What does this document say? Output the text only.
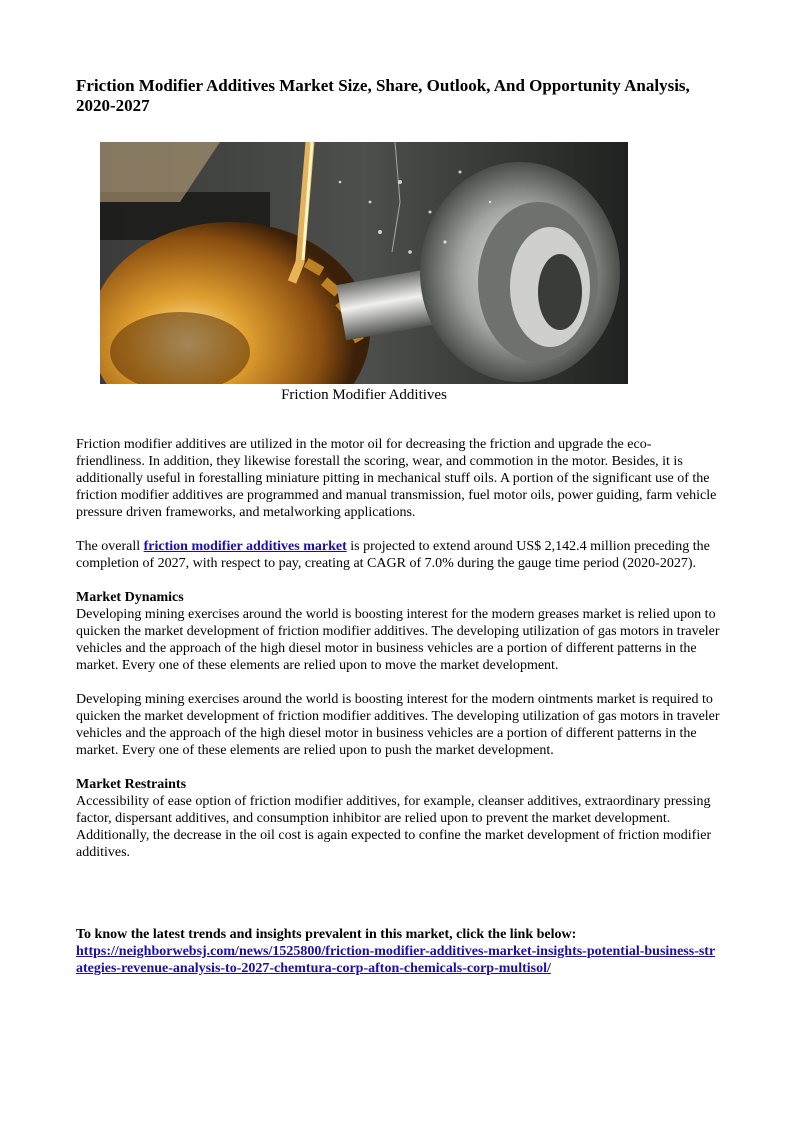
Friction Modifier Additives Market Size, Share, Outlook, And Opportunity Analysis, 2020-2027
Friction Modifier Additives

Friction modifier additives are utilized in the motor oil for decreasing the friction and upgrade the eco-friendliness. In addition, they likewise forestall the scoring, wear, and commotion in the motor. Besides, it is additionally useful in forestalling miniature pitting in mechanical stuff oils. A portion of the significant use of the friction modifier additives are programmed and manual transmission, fuel motor oils, power guiding, farm vehicle pressure driven frameworks, and metalworking applications.

The overall friction modifier additives market is projected to extend around US$ 2,142.4 million preceding the completion of 2027, with respect to pay, creating at CAGR of 7.0% during the gauge time period (2020-2027).

Market Dynamics
Developing mining exercises around the world is boosting interest for the modern greases market is relied upon to quicken the market development of friction modifier additives. The developing utilization of gas motors in traveler vehicles and the approach of the high diesel motor in business vehicles are a portion of different patterns in the market. Every one of these elements are relied upon to move the market development.

Developing mining exercises around the world is boosting interest for the modern ointments market is required to quicken the market development of friction modifier additives. The developing utilization of gas motors in traveler vehicles and the approach of the high diesel motor in business vehicles are a portion of different patterns in the market. Every one of these elements are relied upon to push the market development.

Market Restraints
Accessibility of ease option of friction modifier additives, for example, cleanser additives, extraordinary pressing factor, dispersant additives, and consumption inhibitor are relied upon to prevent the market development. Additionally, the decrease in the oil cost is again expected to confine the market development of friction modifier additives.

To know the latest trends and insights prevalent in this market, click the link below:
https://neighborwebsj.com/news/1525800/friction-modifier-additives-market-insights-potential-business-strategies-revenue-analysis-to-2027-chemtura-corp-afton-chemicals-corp-multisol/
